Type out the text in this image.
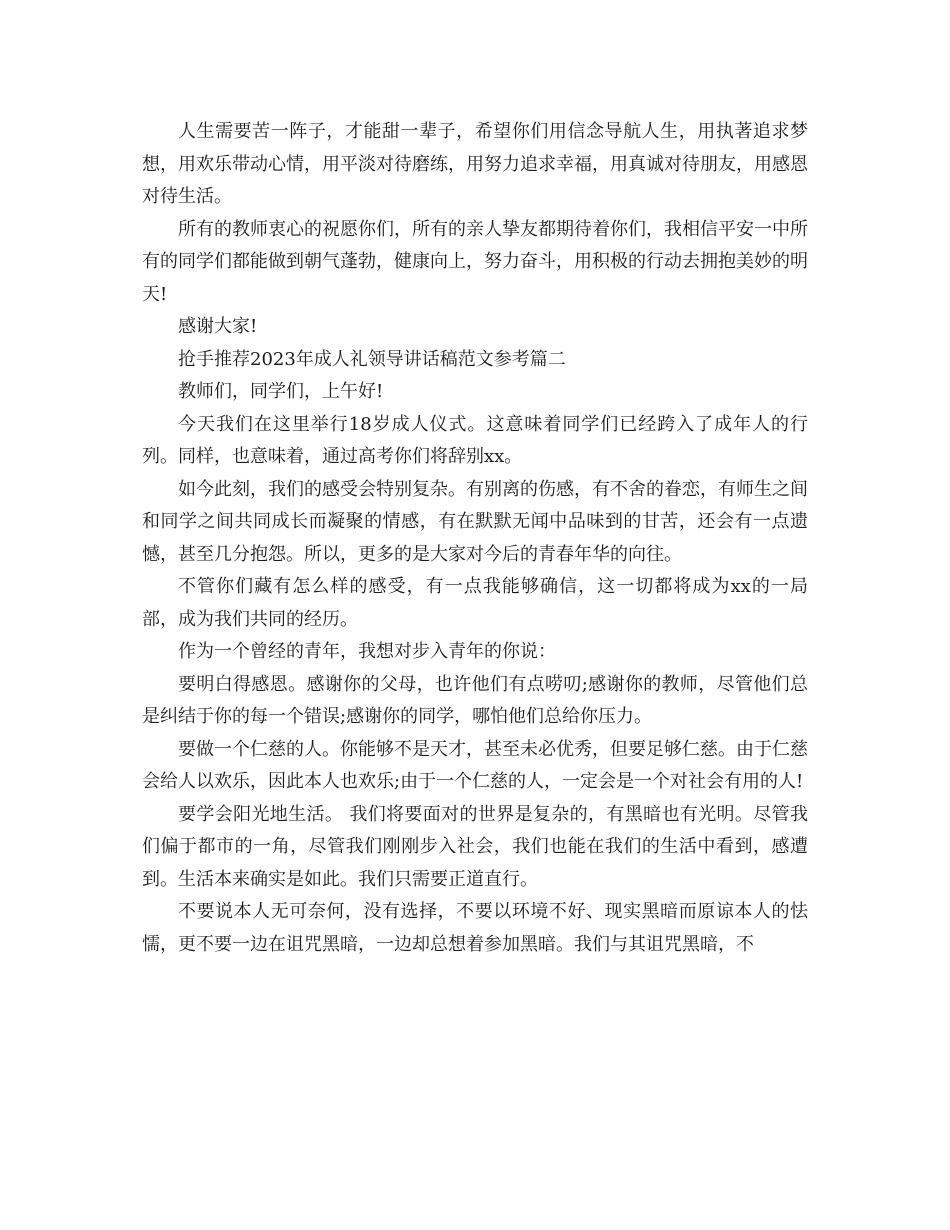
人生需要苦一阵子，才能甜一辈子，希望你们用信念导航人生，用执著追求梦想，用欢乐带动心情，用平淡对待磨练，用努力追求幸福，用真诚对待朋友，用感恩对待生活。

所有的教师衷心的祝愿你们，所有的亲人挚友都期待着你们，我相信平安一中所有的同学们都能做到朝气蓬勃，健康向上，努力奋斗，用积极的行动去拥抱美妙的明天!

感谢大家!

抢手推荐2023年成人礼领导讲话稿范文参考篇二

教师们，同学们，上午好!

今天我们在这里举行18岁成人仪式。这意味着同学们已经跨入了成年人的行列。同样，也意味着，通过高考你们将辞别xx。

如今此刻，我们的感受会特别复杂。有别离的伤感，有不舍的眷恋，有师生之间和同学之间共同成长而凝聚的情感，有在默默无闻中品味到的甘苦，还会有一点遗憾，甚至几分抱怨。所以，更多的是大家对今后的青春年华的向往。

不管你们藏有怎么样的感受，有一点我能够确信，这一切都将成为xx的一局部，成为我们共同的经历。

作为一个曾经的青年，我想对步入青年的你说：

要明白得感恩。感谢你的父母，也许他们有点唠叨;感谢你的教师，尽管他们总是纠结于你的每一个错误;感谢你的同学，哪怕他们总给你压力。

要做一个仁慈的人。你能够不是天才，甚至未必优秀，但要足够仁慈。由于仁慈会给人以欢乐，因此本人也欢乐;由于一个仁慈的人，一定会是一个对社会有用的人!

要学会阳光地生活。 我们将要面对的世界是复杂的，有黑暗也有光明。尽管我们偏于都市的一角，尽管我们刚刚步入社会，我们也能在我们的生活中看到，感遭到。生活本来确实是如此。我们只需要正道直行。

不要说本人无可奈何，没有选择，不要以环境不好、现实黑暗而原谅本人的怯懦，更不要一边在诅咒黑暗，一边却总想着参加黑暗。我们与其诅咒黑暗，不
